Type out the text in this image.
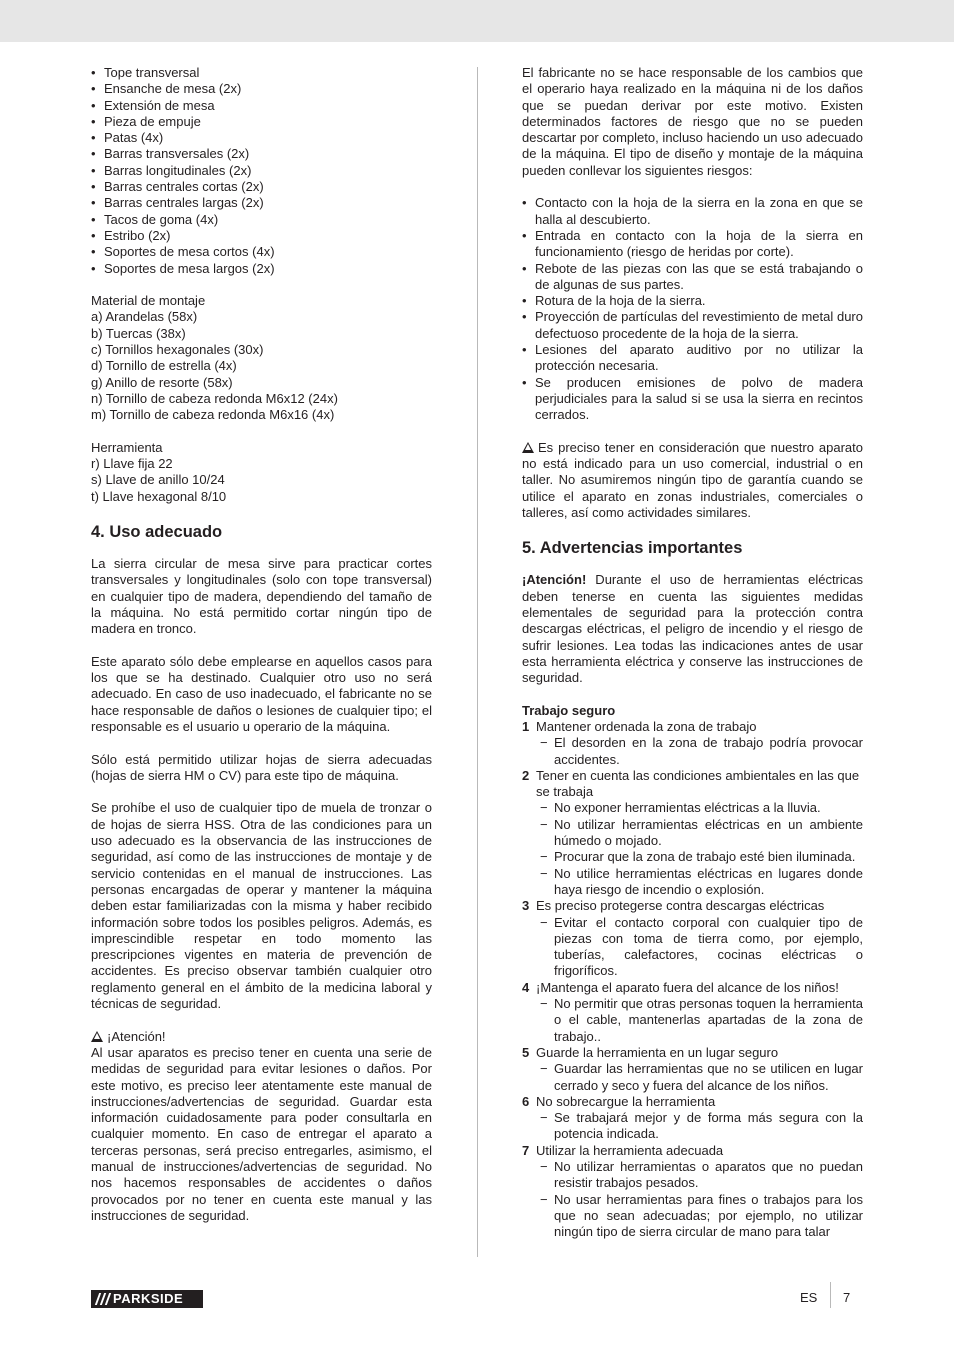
• Tope transversal
• Ensanche de mesa (2x)
• Extensión de mesa
• Pieza de empuje
• Patas (4x)
• Barras transversales (2x)
• Barras longitudinales (2x)
• Barras centrales cortas (2x)
• Barras centrales largas (2x)
• Tacos de goma (4x)
• Estribo (2x)
• Soportes de mesa cortos (4x)
• Soportes de mesa largos (2x)
Material de montaje
a) Arandelas (58x)
b) Tuercas (38x)
c) Tornillos hexagonales (30x)
d) Tornillo de estrella (4x)
g) Anillo de resorte (58x)
n) Tornillo de cabeza redonda M6x12 (24x)
m) Tornillo de cabeza redonda M6x16 (4x)
Herramienta
r) Llave fija 22
s) Llave de anillo 10/24
t) Llave hexagonal 8/10
4. Uso adecuado

La sierra circular de mesa sirve para practicar cortes transversales y longitudinales (solo con tope transversal) en cualquier tipo de madera, dependiendo del tamaño de la máquina. No está permitido cortar ningún tipo de madera en tronco.

Este aparato sólo debe emplearse en aquellos casos para los que se ha destinado. Cualquier otro uso no será adecuado. En caso de uso inadecuado, el fabricante no se hace responsable de daños o lesiones de cualquier tipo; el responsable es el usuario u operario de la máquina.

Sólo está permitido utilizar hojas de sierra adecuadas (hojas de sierra HM o CV) para este tipo de máquina.

Se prohíbe el uso de cualquier tipo de muela de tronzar o de hojas de sierra HSS. Otra de las condiciones para un uso adecuado es la observancia de las instrucciones de seguridad, así como de las instrucciones de montaje y de servicio contenidas en el manual de instrucciones. Las personas encargadas de operar y mantener la máquina deben estar familiarizadas con la misma y haber recibido información sobre todos los posibles peligros. Además, es imprescindible respetar en todo momento las prescripciones vigentes en materia de prevención de accidentes. Es preciso observar también cualquier otro reglamento general en el ámbito de la medicina laboral y técnicas de seguridad.

¡Atención!

Al usar aparatos es preciso tener en cuenta una serie de medidas de seguridad para evitar lesiones o daños. Por este motivo, es preciso leer atentamente este manual de instrucciones/advertencias de seguridad. Guardar esta información cuidadosamente para poder consultarla en cualquier momento. En caso de entregar el aparato a terceras personas, será preciso entregarles, asimismo, el manual de instrucciones/advertencias de seguridad. No nos hacemos responsables de accidentes o daños provocados por no tener en cuenta este manual y las instrucciones de seguridad.

El fabricante no se hace responsable de los cambios que el operario haya realizado en la máquina ni de los daños que se puedan derivar por este motivo. Existen determinados factores de riesgo que no se pueden descartar por completo, incluso haciendo un uso adecuado de la máquina. El tipo de diseño y montaje de la máquina pueden conllevar los siguientes riesgos:

• Contacto con la hoja de la sierra en la zona en que se halla al descubierto.
• Entrada en contacto con la hoja de la sierra en funcionamiento (riesgo de heridas por corte).
• Rebote de las piezas con las que se está trabajando o de algunas de sus partes.
• Rotura de la hoja de la sierra.
• Proyección de partículas del revestimiento de metal duro defectuoso procedente de la hoja de la sierra.
• Lesiones del aparato auditivo por no utilizar la protección necesaria.
• Se producen emisiones de polvo de madera perjudiciales para la salud si se usa la sierra en recintos cerrados.

Es preciso tener en consideración que nuestro aparato no está indicado para un uso comercial, industrial o en taller. No asumiremos ningún tipo de garantía cuando se utilice el aparato en zonas industriales, comerciales o talleres, así como actividades similares.

5. Advertencias importantes

¡Atención! Durante el uso de herramientas eléctricas deben tenerse en cuenta las siguientes medidas elementales de seguridad para la protección contra descargas eléctricas, el peligro de incendio y el riesgo de sufrir lesiones. Lea todas las indicaciones antes de usar esta herramienta eléctrica y conserve las instrucciones de seguridad.

Trabajo seguro
1 Mantener ordenada la zona de trabajo
− El desorden en la zona de trabajo podría provocar accidentes.
2 Tener en cuenta las condiciones ambientales en las que se trabaja
− No exponer herramientas eléctricas a la lluvia.
− No utilizar herramientas eléctricas en un ambiente húmedo o mojado.
− Procurar que la zona de trabajo esté bien iluminada.
− No utilice herramientas eléctricas en lugares donde haya riesgo de incendio o explosión.
3 Es preciso protegerse contra descargas eléctricas
− Evitar el contacto corporal con cualquier tipo de piezas con toma de tierra como, por ejemplo, tuberías, calefactores, cocinas eléctricas o frigoríficos.
4 ¡Mantenga el aparato fuera del alcance de los niños!
− No permitir que otras personas toquen la herramienta o el cable, mantenerlas apartadas de la zona de trabajo..
5 Guarde la herramienta en un lugar seguro
− Guardar las herramientas que no se utilicen en lugar cerrado y seco y fuera del alcance de los niños.
6 No sobrecargue la herramienta
− Se trabajará mejor y de forma más segura con la potencia indicada.
7 Utilizar la herramienta adecuada
− No utilizar herramientas o aparatos que no puedan resistir trabajos pesados.
− No usar herramientas para fines o trabajos para los que no sean adecuadas; por ejemplo, no utilizar ningún tipo de sierra circular de mano para talar
PARKSIDE	ES 7
